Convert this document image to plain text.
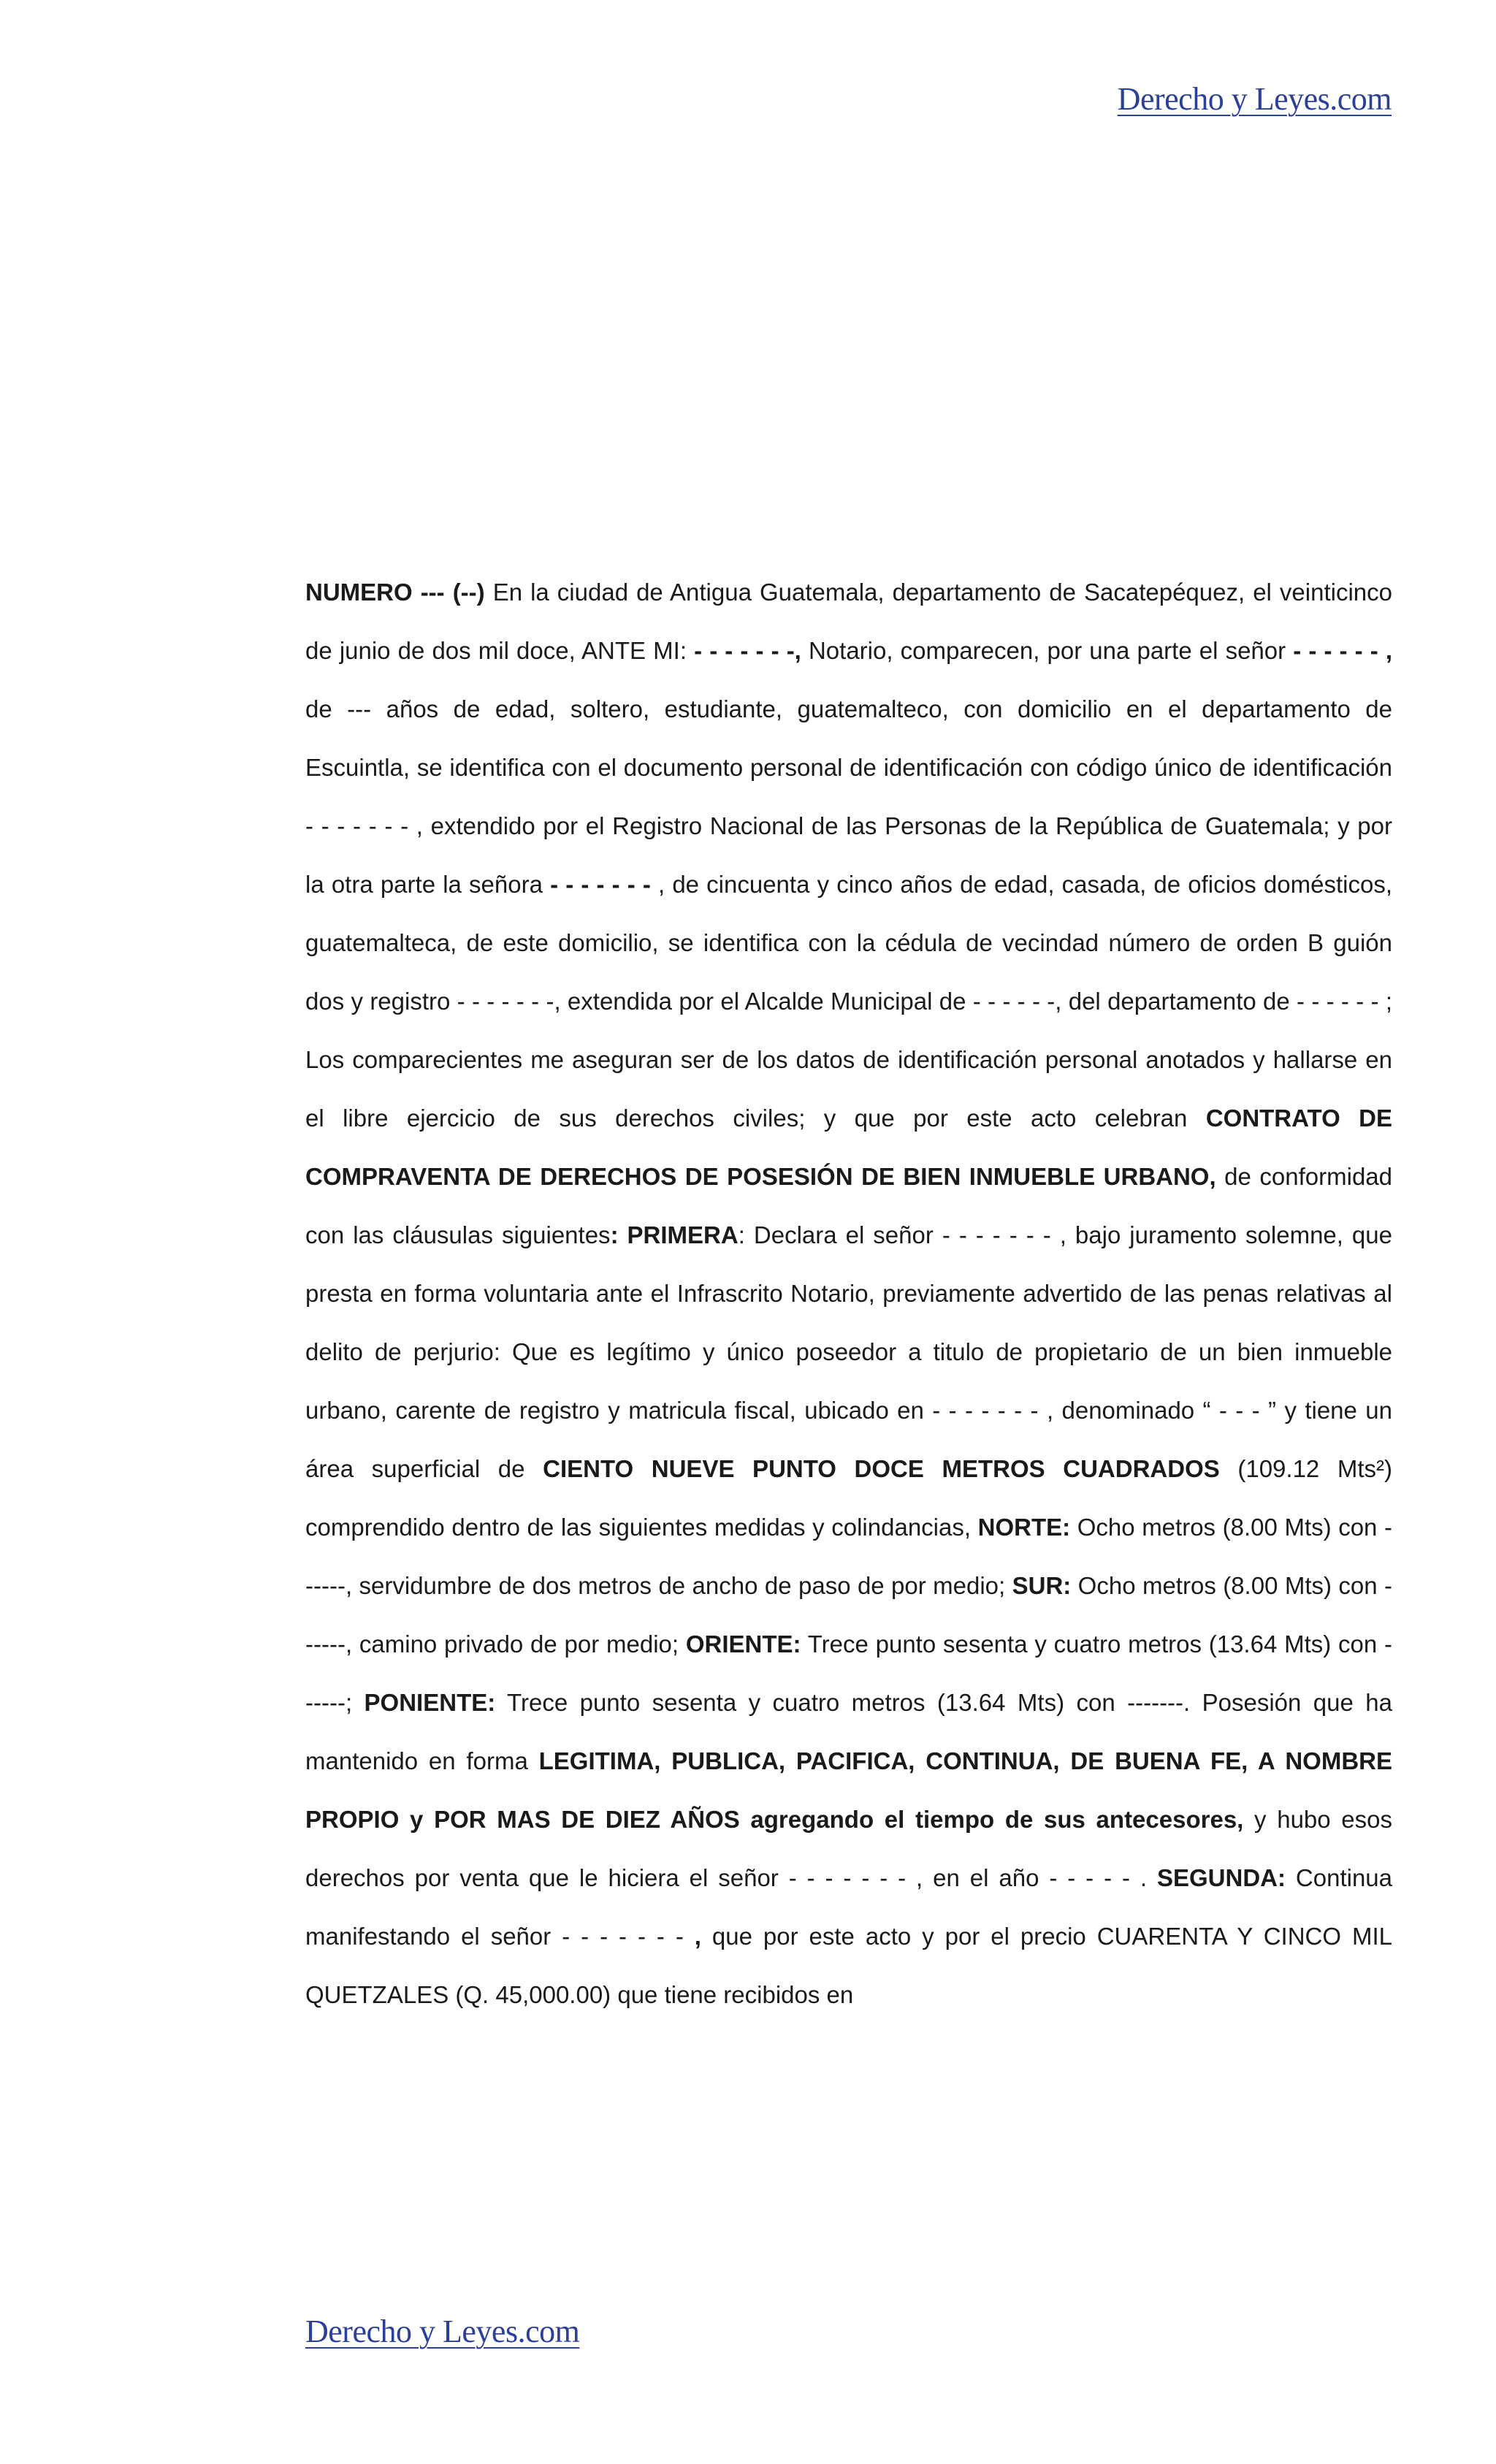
Derecho y Leyes.com

NUMERO --- (--) En la ciudad de Antigua Guatemala, departamento de Sacatepéquez, el veinticinco de junio de dos mil doce, ANTE MI: - - - - - - -, Notario, comparecen, por una parte el señor - - - - - - , de --- años de edad, soltero, estudiante, guatemalteco, con domicilio en el departamento de Escuintla, se identifica con el documento personal de identificación con código único de identificación - - - - - - - , extendido por el Registro Nacional de las Personas de la República de Guatemala; y por la otra parte la señora - - - - - - - , de cincuenta y cinco años de edad, casada, de oficios domésticos, guatemalteca, de este domicilio, se identifica con la cédula de vecindad número de orden B guión dos y registro - - - - - - -, extendida por el Alcalde Municipal de - - - - - -, del departamento de - - - - - - ; Los comparecientes me aseguran ser de los datos de identificación personal anotados y hallarse en el libre ejercicio de sus derechos civiles; y que por este acto celebran CONTRATO DE COMPRAVENTA DE DERECHOS DE POSESIÓN DE BIEN INMUEBLE URBANO, de conformidad con las cláusulas siguientes: PRIMERA: Declara el señor - - - - - - - , bajo juramento solemne, que presta en forma voluntaria ante el Infrascrito Notario, previamente advertido de las penas relativas al delito de perjurio: Que es legítimo y único poseedor a titulo de propietario de un bien inmueble urbano, carente de registro y matricula fiscal, ubicado en - - - - - - - , denominado “ - - - ” y tiene un área superficial de CIENTO NUEVE PUNTO DOCE METROS CUADRADOS (109.12 Mts²) comprendido dentro de las siguientes medidas y colindancias, NORTE: Ocho metros (8.00 Mts) con ------, servidumbre de dos metros de ancho de paso de por medio; SUR: Ocho metros (8.00 Mts) con ------, camino privado de por medio; ORIENTE: Trece punto sesenta y cuatro metros (13.64 Mts) con ------; PONIENTE: Trece punto sesenta y cuatro metros (13.64 Mts) con -------. Posesión que ha mantenido en forma LEGITIMA, PUBLICA, PACIFICA, CONTINUA, DE BUENA FE, A NOMBRE PROPIO y POR MAS DE DIEZ AÑOS agregando el tiempo de sus antecesores, y hubo esos derechos por venta que le hiciera el señor - - - - - - - , en el año - - - - - . SEGUNDA: Continua manifestando el señor - - - - - - - , que por este acto y por el precio CUARENTA Y CINCO MIL QUETZALES (Q. 45,000.00) que tiene recibidos en

Derecho y Leyes.com
